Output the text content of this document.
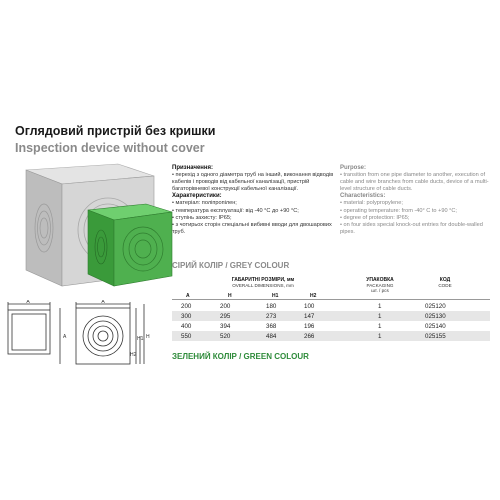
Оглядовий пристрій без кришки
Inspection device without cover
Призначення:
• перехід з одного діаметра труб на інший, виконання відводів кабелів і проводів від кабельної каналізації, пристрій багаторівневої конструкції кабельної каналізації.
Характеристики:
• матеріал: поліпропілен;
• температура експлуатації: від -40 °C до +90 °C;
• ступінь захисту: IP65;
• з чотирьох сторін спеціальні вибивні вводи для двошарових труб.
Purpose:
• transition from one pipe diameter to another, execution of cable and wire branches from cable ducts, device of a multi-level structure of cable ducts.
Characteristics:
• material: polypropylene;
• operating temperature: from -40° C to +90 °C;
• degree of protection: IP65;
• on four sides special knock-out entries for double-walled pipes.
СІРИЙ КОЛІР / GREY COLOUR
ГАБАРИТНІ РОЗМІРИ, мм
OVERALL DIMENSIONS, mm
УПАКОВКА
PACKAGING
шт. / pcs
КОД
CODE
A	H	H1	H2
200	200	180	100	1	025120
300	295	273	147	1	025130
400	394	368	196	1	025140
550	520	484	266	1	025155
A	A
A
H2
H1 H
ЗЕЛЕНИЙ КОЛІР / GREEN COLOUR
